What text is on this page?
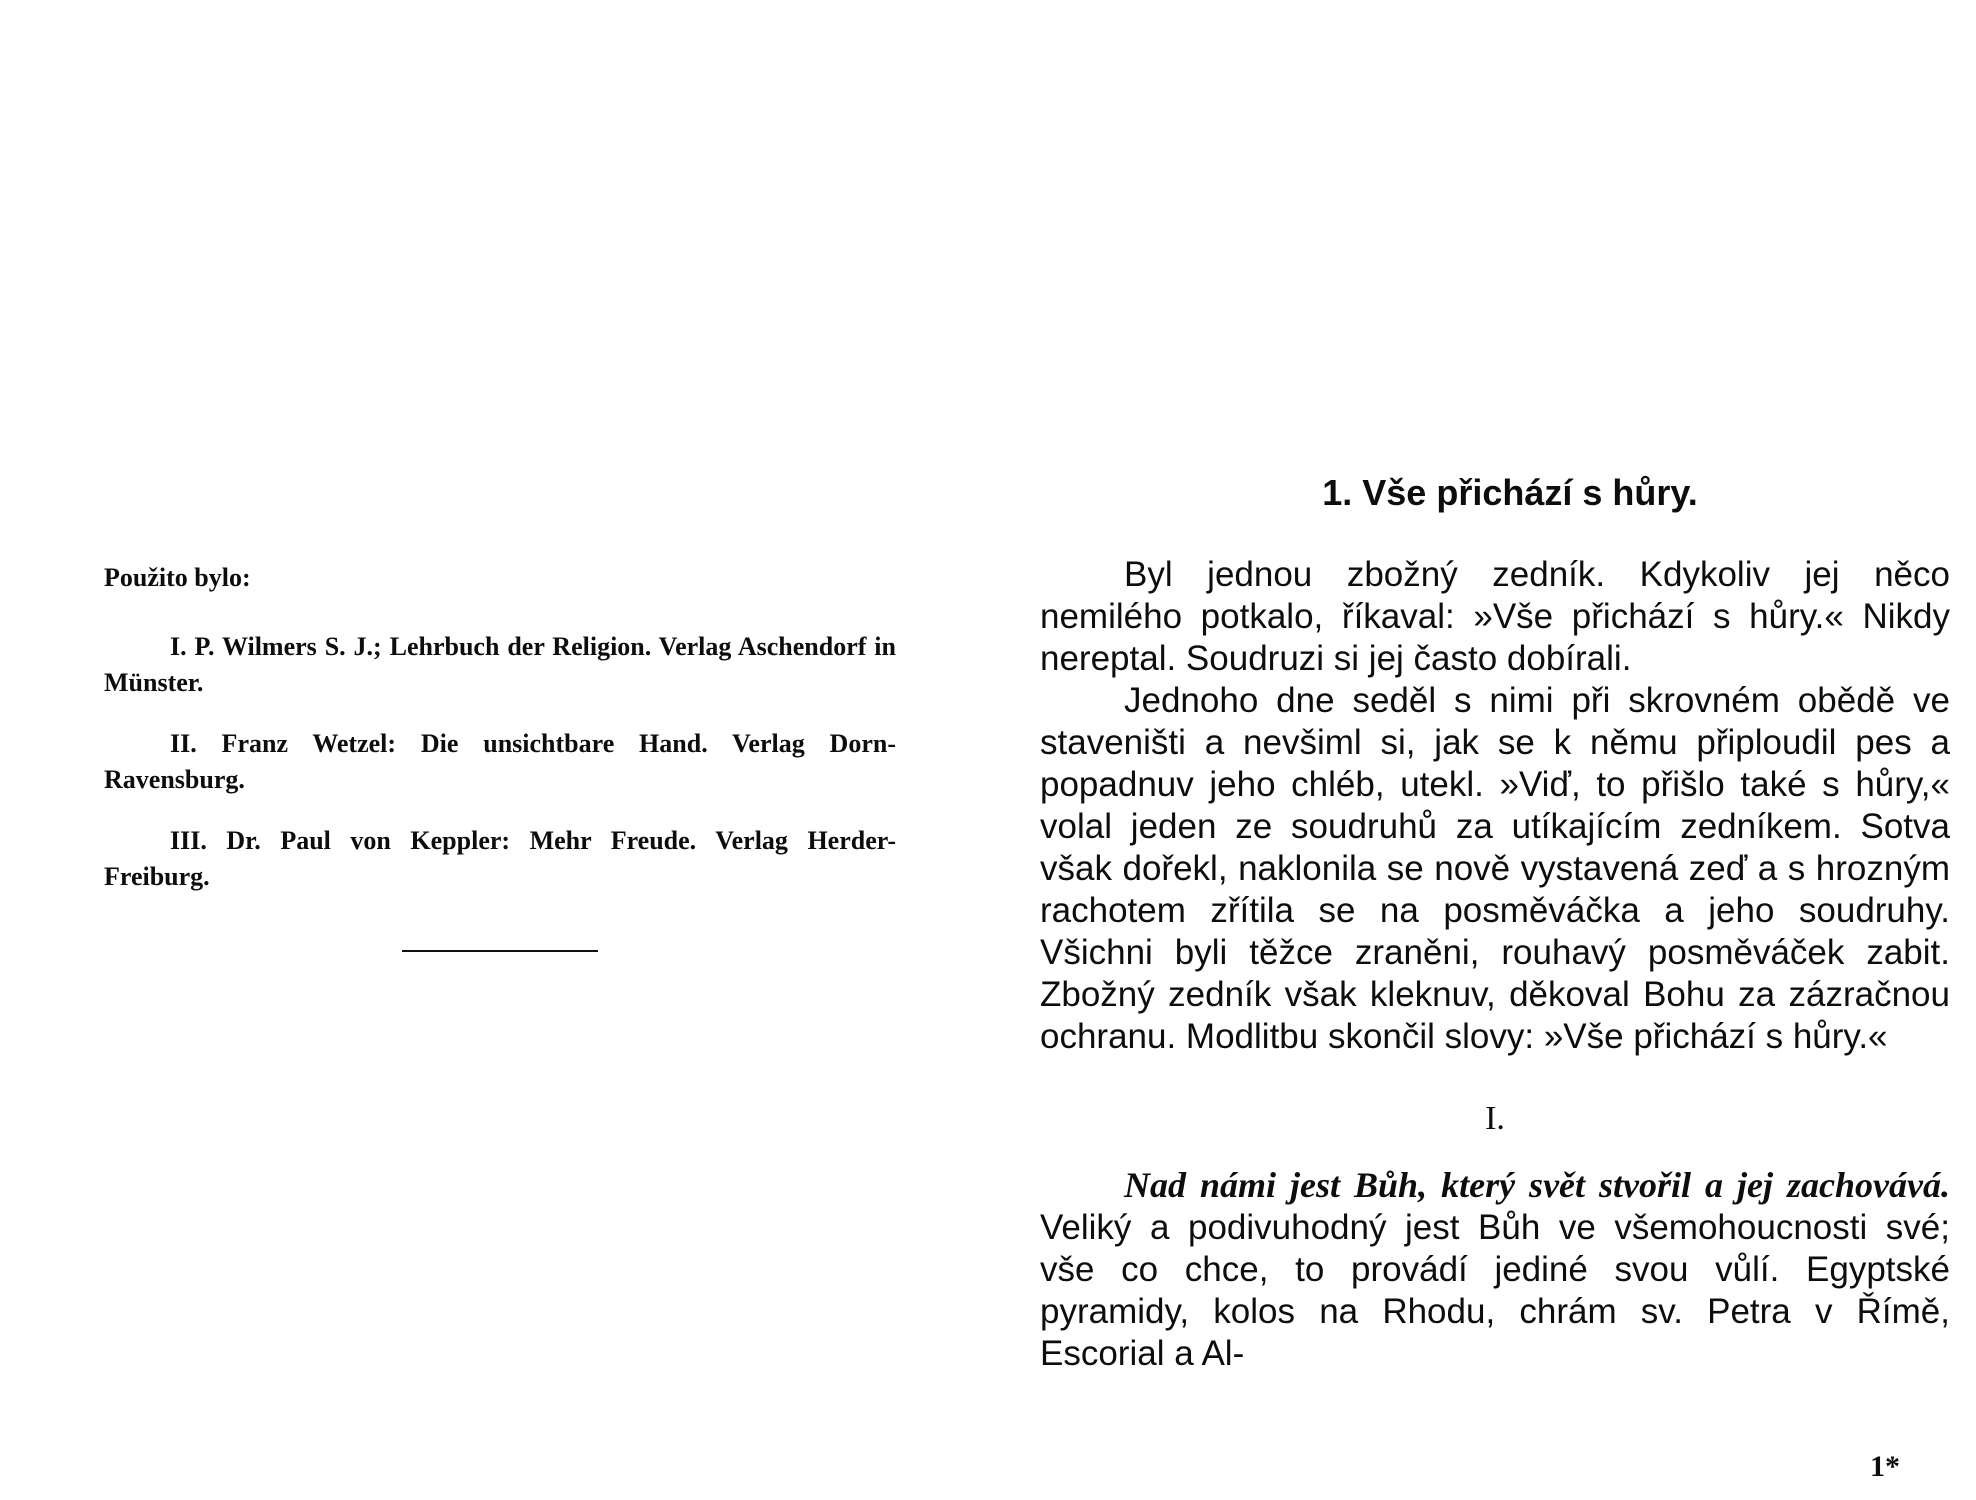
Použito bylo:

I. P. Wilmers S. J.; Lehrbuch der Religion. Verlag Aschendorf in Münster.

II. Franz Wetzel: Die unsichtbare Hand. Verlag Dorn-Ravensburg.

III. Dr. Paul von Keppler: Mehr Freude. Verlag Herder-Freiburg.

1. Vše přichází s hůry.

Byl jednou zbožný zedník. Kdykoliv jej něco nemilého potkalo, říkaval: »Vše přichází s hůry.« Nikdy nereptal. Soudruzi si jej často dobírali.

Jednoho dne seděl s nimi při skrovném obědě ve staveništi a nevšiml si, jak se k němu připloudil pes a popadnuv jeho chléb, utekl. »Viď, to přišlo také s hůry,« volal jeden ze soudruhů za utíkajícím zedníkem. Sotva však dořekl, naklonila se nově vystavená zeď a s hrozným rachotem zřítila se na posměváčka a jeho soudruhy. Všichni byli těžce zraněni, rouhavý posměváček zabit. Zbožný zedník však kleknuv, děkoval Bohu za zázračnou ochranu. Modlitbu skončil slovy: »Vše přichází s hůry.«

I.

Nad námi jest Bůh, který svět stvořil a jej zachovává. Veliký a podivuhodný jest Bůh ve všemohoucnosti své; vše co chce, to provádí jediné svou vůlí. Egyptské pyramidy, kolos na Rhodu, chrám sv. Petra v Římě, Escorial a Al-

1*
